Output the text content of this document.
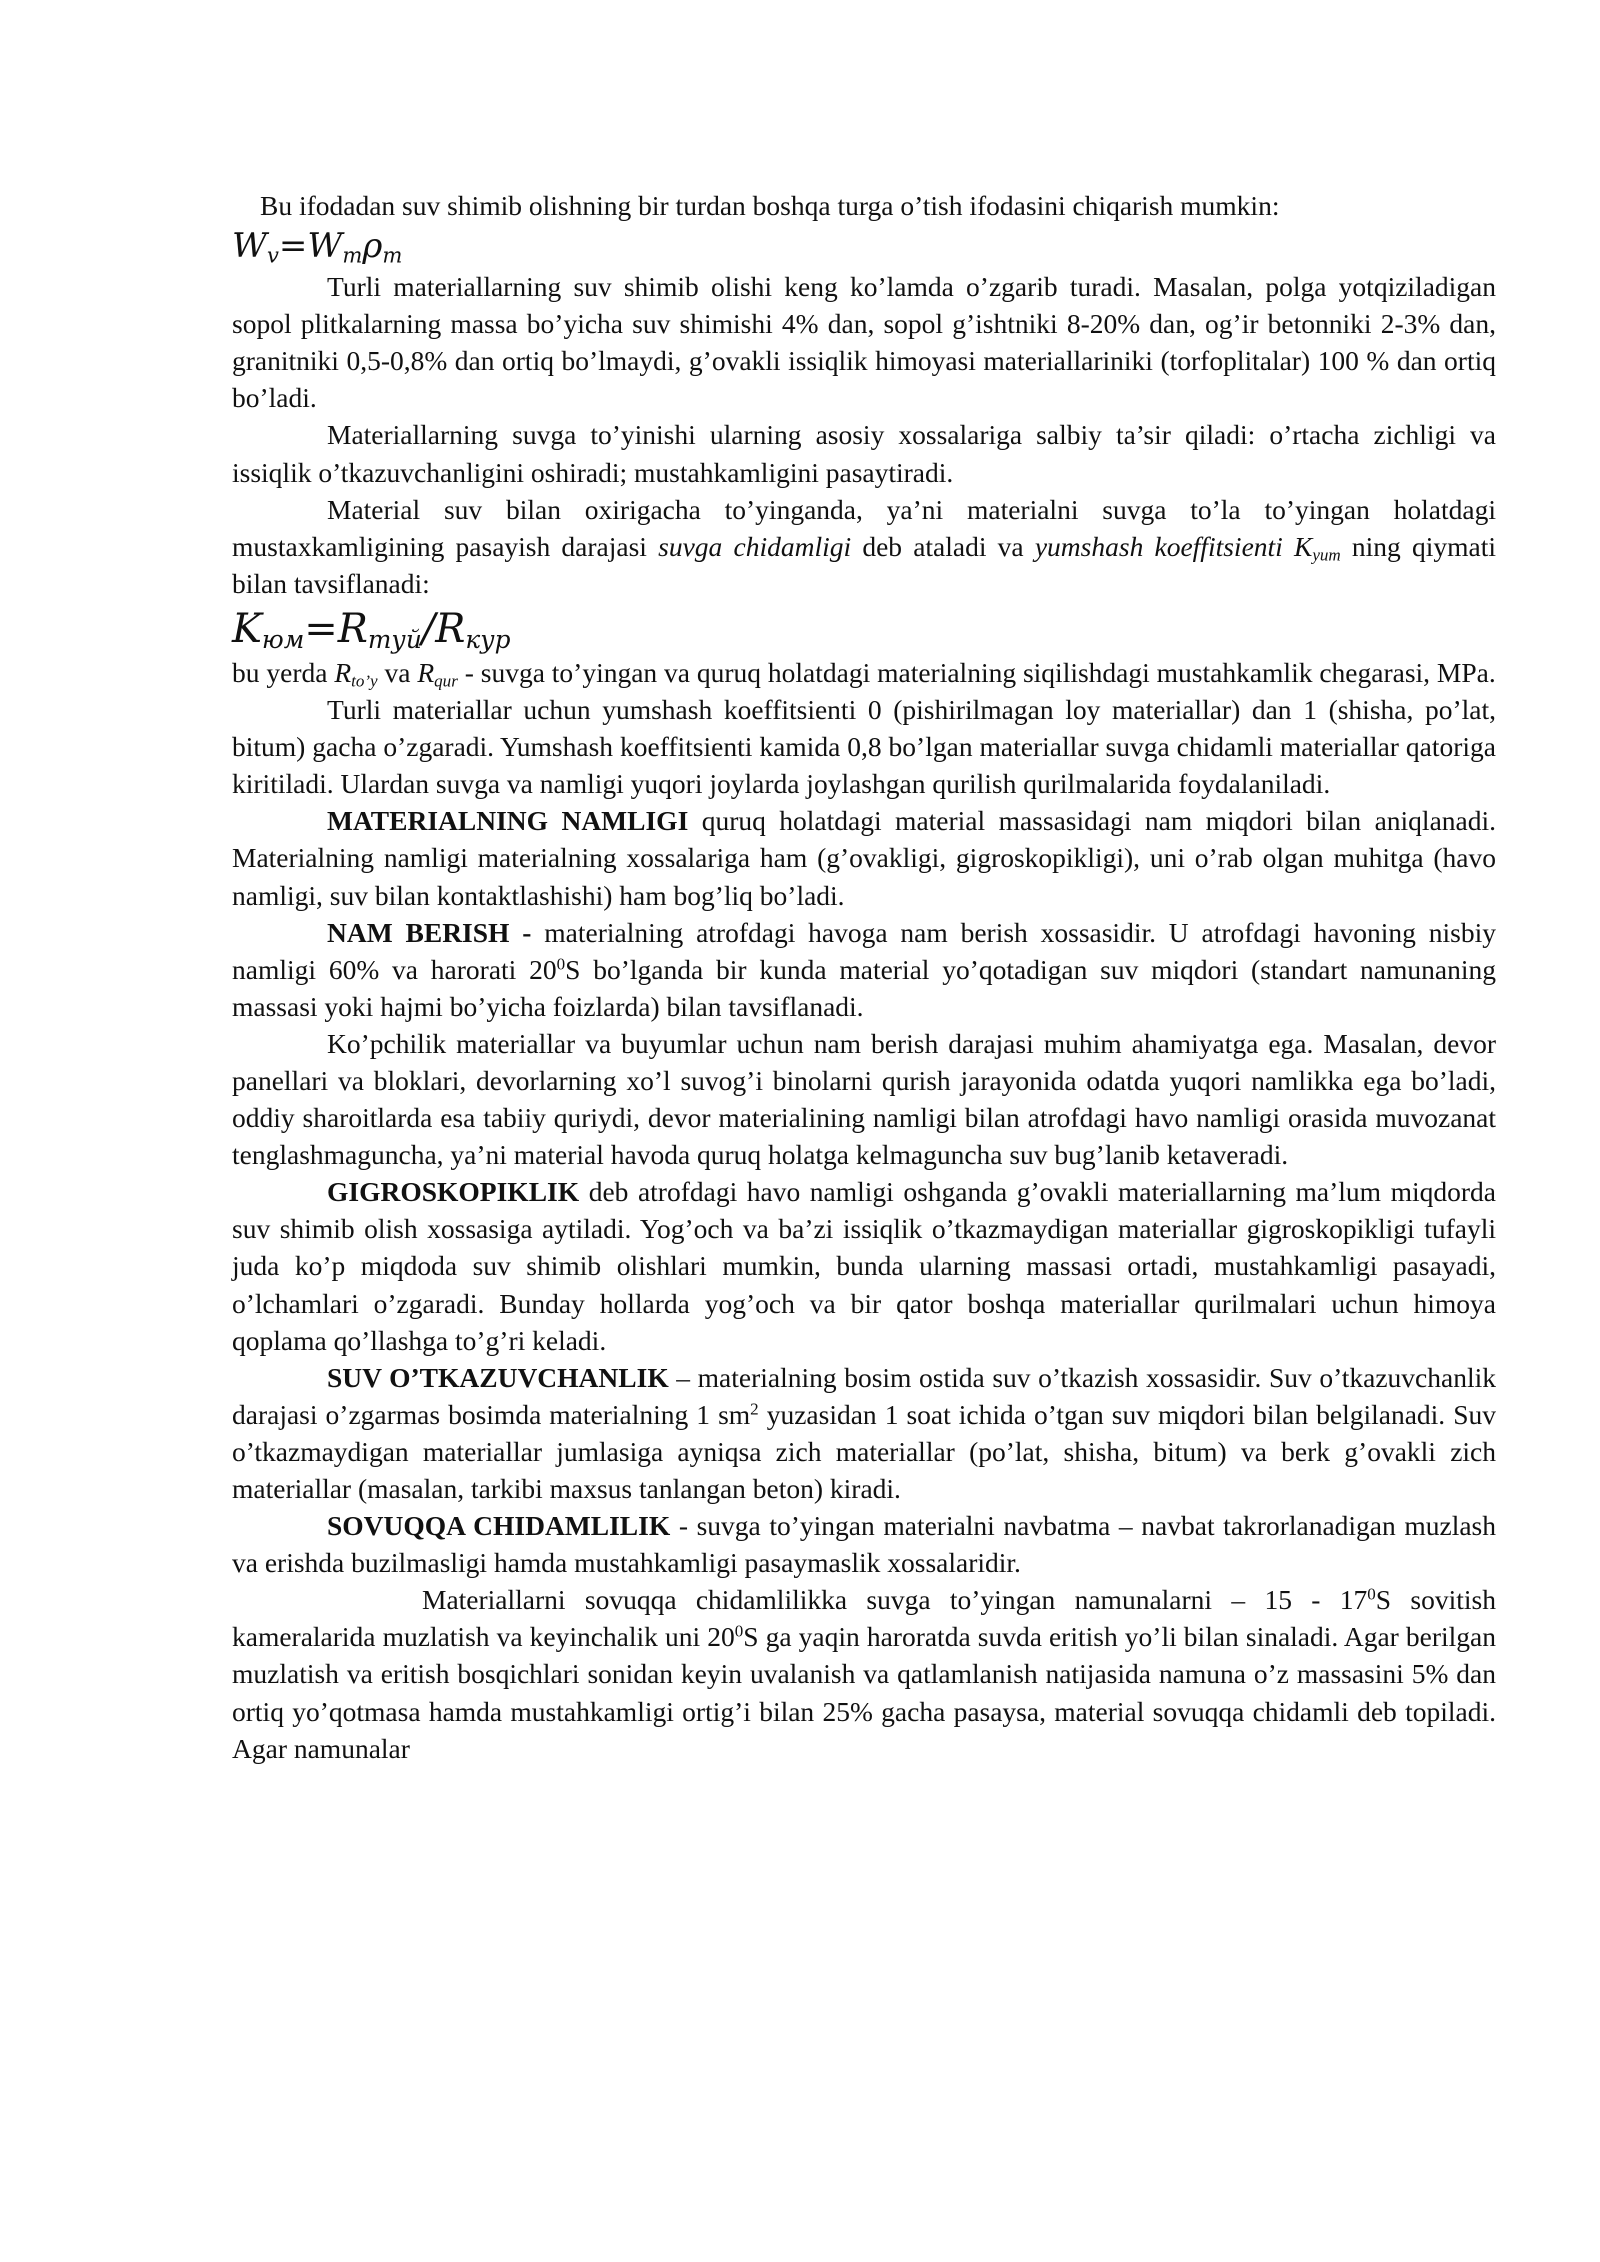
Bu ifodadan suv shimib olishning bir turdan boshqa turga o’tish ifodasini chiqarish mumkin:

$W_v=W_m\rho_m$

Turli materiallarning suv shimib olishi keng ko’lamda o’zgarib turadi. Masalan, polga yotqiziladigan sopol plitkalarning massa bo’yicha suv shimishi 4% dan, sopol g’ishtniki 8-20% dan, og’ir betonniki 2-3% dan, granitniki 0,5-0,8% dan ortiq bo’lmaydi, g’ovakli issiqlik himoyasi materiallariniki (torfoplitalar) 100 % dan ortiq bo’ladi.

Materiallarning suvga to’yinishi ularning asosiy xossalariga salbiy ta’sir qiladi: o’rtacha zichligi va issiqlik o’tkazuvchanligini oshiradi; mustahkamligini pasaytiradi.

Material suv bilan oxirigacha to’yinganda, ya’ni materialni suvga to’la to’yingan holatdagi mustaxkamligining pasayish darajasi suvga chidamligi deb ataladi va yumshash koeffitsienti $K_{yum}$ ning qiymati bilan tavsiflanadi:

$K_{юм}=R_{туй}/R_{кур}$

bu yerda $R_{to’y}$ va $R_{qur}$ - suvga to’yingan va quruq holatdagi materialning siqilishdagi mustahkamlik chegarasi, MPa.

Turli materiallar uchun yumshash koeffitsienti 0 (pishirilmagan loy materiallar) dan 1 (shisha, po’lat, bitum) gacha o’zgaradi. Yumshash koeffitsienti kamida 0,8 bo’lgan materiallar suvga chidamli materiallar qatoriga kiritiladi. Ulardan suvga va namligi yuqori joylarda joylashgan qurilish qurilmalarida foydalaniladi.

MATERIALNING NAMLIGI quruq holatdagi material massasidagi nam miqdori bilan aniqlanadi. Materialning namligi materialning xossalariga ham (g’ovakligi, gigroskopikligi), uni o’rab olgan muhitga (havo namligi, suv bilan kontaktlashishi) ham bog’liq bo’ladi.

NAM BERISH - materialning atrofdagi havoga nam berish xossasidir. U atrofdagi havoning nisbiy namligi 60% va harorati $20^0S$ bo’lganda bir kunda material yo’qotadigan suv miqdori (standart namunaning massasi yoki hajmi bo’yicha foizlarda) bilan tavsiflanadi.

Ko’pchilik materiallar va buyumlar uchun nam berish darajasi muhim ahamiyatga ega. Masalan, devor panellari va bloklari, devorlarning xo’l suvog’i binolarni qurish jarayonida odatda yuqori namlikka ega bo’ladi, oddiy sharoitlarda esa tabiiy quriydi, devor materialining namligi bilan atrofdagi havo namligi orasida muvozanat tenglashmaguncha, ya’ni material havoda quruq holatga kelmaguncha suv bug’lanib ketaveradi.

GIGROSKOPIKLIK deb atrofdagi havo namligi oshganda g’ovakli materiallarning ma’lum miqdorda suv shimib olish xossasiga aytiladi. Yog’och va ba’zi issiqlik o’tkazmaydigan materiallar gigroskopikligi tufayli juda ko’p miqdoda suv shimib olishlari mumkin, bunda ularning massasi ortadi, mustahkamligi pasayadi, o’lchamlari o’zgaradi. Bunday hollarda yog’och va bir qator boshqa materiallar qurilmalari uchun himoya qoplama qo’llashga to’g’ri keladi.

SUV O’TKAZUVCHANLIK – materialning bosim ostida suv o’tkazish xossasidir. Suv o’tkazuvchanlik darajasi o’zgarmas bosimda materialning 1 $sm^2$ yuzasidan 1 soat ichida o’tgan suv miqdori bilan belgilanadi. Suv o’tkazmaydigan materiallar jumlasiga ayniqsa zich materiallar (po’lat, shisha, bitum) va berk g’ovakli zich materiallar (masalan, tarkibi maxsus tanlangan beton) kiradi.

SOVUQQA CHIDAMLILIK - suvga to’yingan materialni navbatma – navbat takrorlanadigan muzlash va erishda buzilmasligi hamda mustahkamligi pasaymaslik xossalaridir.

Materiallarni sovuqqa chidamlilikka suvga to’yingan namunalarni – $15 - 17^0S$ sovitish kameralarida muzlatish va keyinchalik uni $20^0S$ ga yaqin haroratda suvda eritish yo’li bilan sinaladi. Agar berilgan muzlatish va eritish bosqichlari sonidan keyin uvalanish va qatlamlanish natijasida namuna o’z massasini 5% dan ortiq yo’qotmasa hamda mustahkamligi ortig’i bilan 25% gacha pasaysa, material sovuqqa chidamli deb topiladi. Agar namunalar
